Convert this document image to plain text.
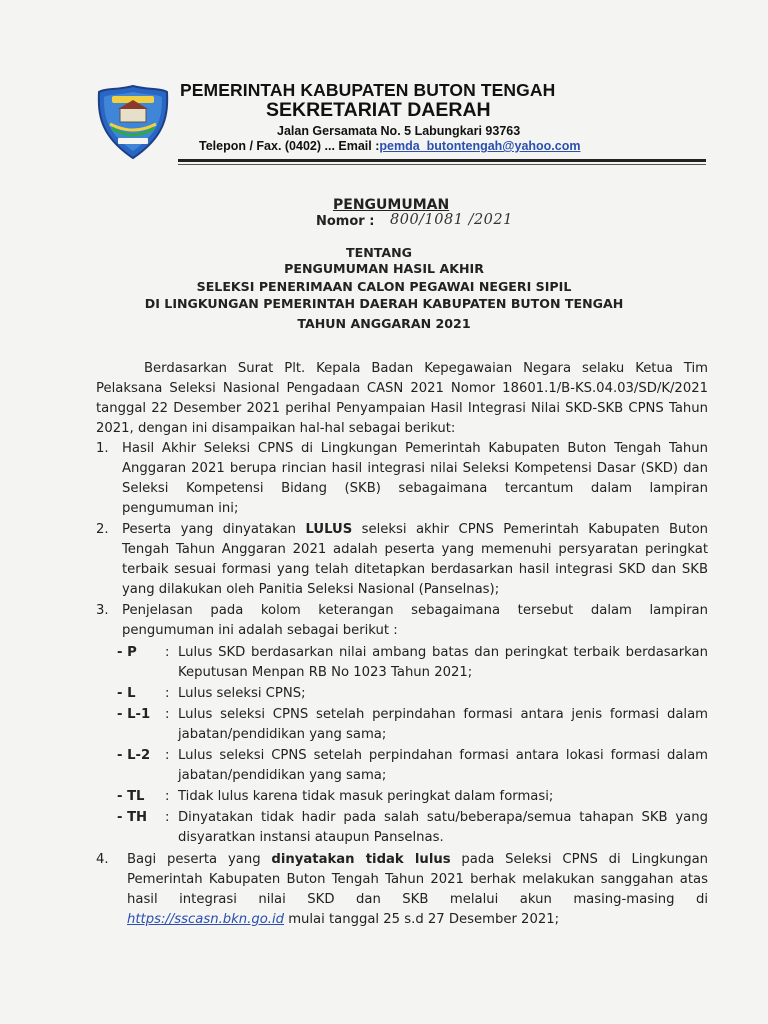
PEMERINTAH KABUPATEN BUTON TENGAH
SEKRETARIAT DAERAH
Jalan Gersamata No. 5 Labungkari 93763
Telepon / Fax. (0402) ... Email :pemda_butontengah@yahoo.com
PENGUMUMAN
Nomor : 800/1081 /2021
TENTANG
PENGUMUMAN HASIL AKHIR
SELEKSI PENERIMAAN CALON PEGAWAI NEGERI SIPIL
DI LINGKUNGAN PEMERINTAH DAERAH KABUPATEN BUTON TENGAH
TAHUN ANGGARAN 2021
Berdasarkan Surat Plt. Kepala Badan Kepegawaian Negara selaku Ketua Tim
Pelaksana Seleksi Nasional Pengadaan CASN 2021 Nomor 18601.1/B-KS.04.03/SD/K/2021
tanggal 22 Desember 2021 perihal Penyampaian Hasil Integrasi Nilai SKD-SKB CPNS Tahun
2021, dengan ini disampaikan hal-hal sebagai berikut:
1. Hasil Akhir Seleksi CPNS di Lingkungan Pemerintah Kabupaten Buton Tengah Tahun
Anggaran 2021 berupa rincian hasil integrasi nilai Seleksi Kompetensi Dasar (SKD) dan
Seleksi Kompetensi Bidang (SKB) sebagaimana tercantum dalam lampiran
pengumuman ini;
2. Peserta yang dinyatakan LULUS seleksi akhir CPNS Pemerintah Kabupaten Buton
Tengah Tahun Anggaran 2021 adalah peserta yang memenuhi persyaratan peringkat
terbaik sesuai formasi yang telah ditetapkan berdasarkan hasil integrasi SKD dan SKB
yang dilakukan oleh Panitia Seleksi Nasional (Panselnas);
3. Penjelasan pada kolom keterangan sebagaimana tersebut dalam lampiran
pengumuman ini adalah sebagai berikut :
- P : Lulus SKD berdasarkan nilai ambang batas dan peringkat terbaik berdasarkan
Keputusan Menpan RB No 1023 Tahun 2021;
- L : Lulus seleksi CPNS;
- L-1 : Lulus seleksi CPNS setelah perpindahan formasi antara jenis formasi dalam
jabatan/pendidikan yang sama;
- L-2 : Lulus seleksi CPNS setelah perpindahan formasi antara lokasi formasi dalam
jabatan/pendidikan yang sama;
- TL : Tidak lulus karena tidak masuk peringkat dalam formasi;
- TH : Dinyatakan tidak hadir pada salah satu/beberapa/semua tahapan SKB yang
disyaratkan instansi ataupun Panselnas.
4. Bagi peserta yang dinyatakan tidak lulus pada Seleksi CPNS di Lingkungan
Pemerintah Kabupaten Buton Tengah Tahun 2021 berhak melakukan sanggahan atas
hasil integrasi nilai SKD dan SKB melalui akun masing-masing di
https://sscasn.bkn.go.id mulai tanggal 25 s.d 27 Desember 2021;
